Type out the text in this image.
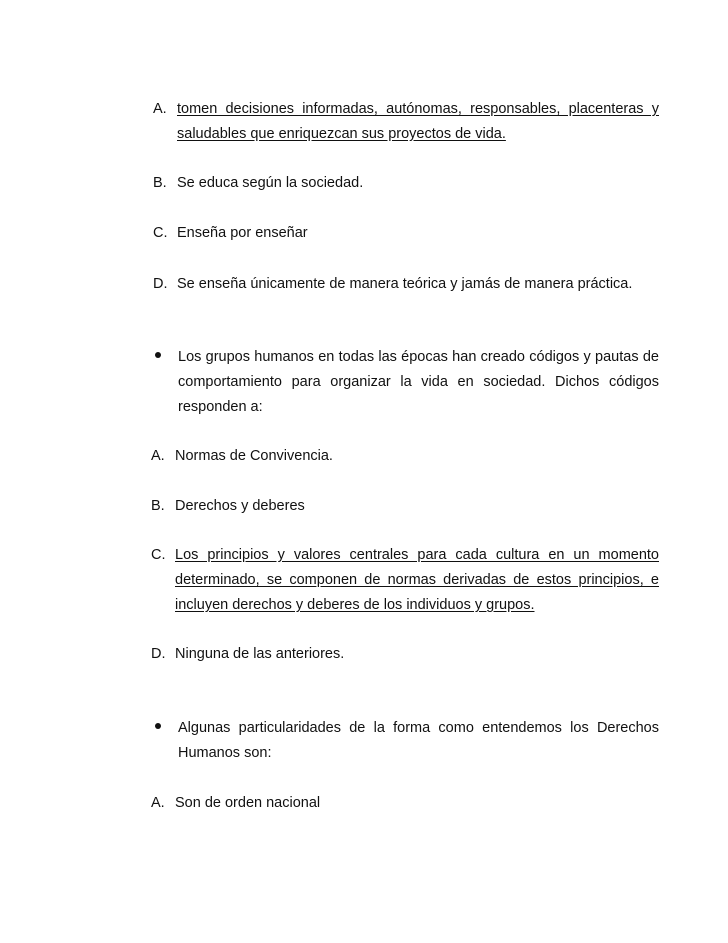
A. tomen decisiones informadas, autónomas, responsables, placenteras y saludables que enriquezcan sus proyectos de vida.
B. Se educa según la sociedad.
C. Enseña por enseñar
D. Se enseña únicamente de manera teórica y jamás de manera práctica.
Los grupos humanos en todas las épocas han creado códigos y pautas de comportamiento para organizar la vida en sociedad. Dichos códigos responden a:
A. Normas de Convivencia.
B. Derechos y deberes
C. Los principios y valores centrales para cada cultura en un momento determinado, se componen de normas derivadas de estos principios, e incluyen derechos y deberes de los individuos y grupos.
D. Ninguna de las anteriores.
Algunas particularidades de la forma como entendemos los Derechos Humanos son:
A. Son de orden nacional
